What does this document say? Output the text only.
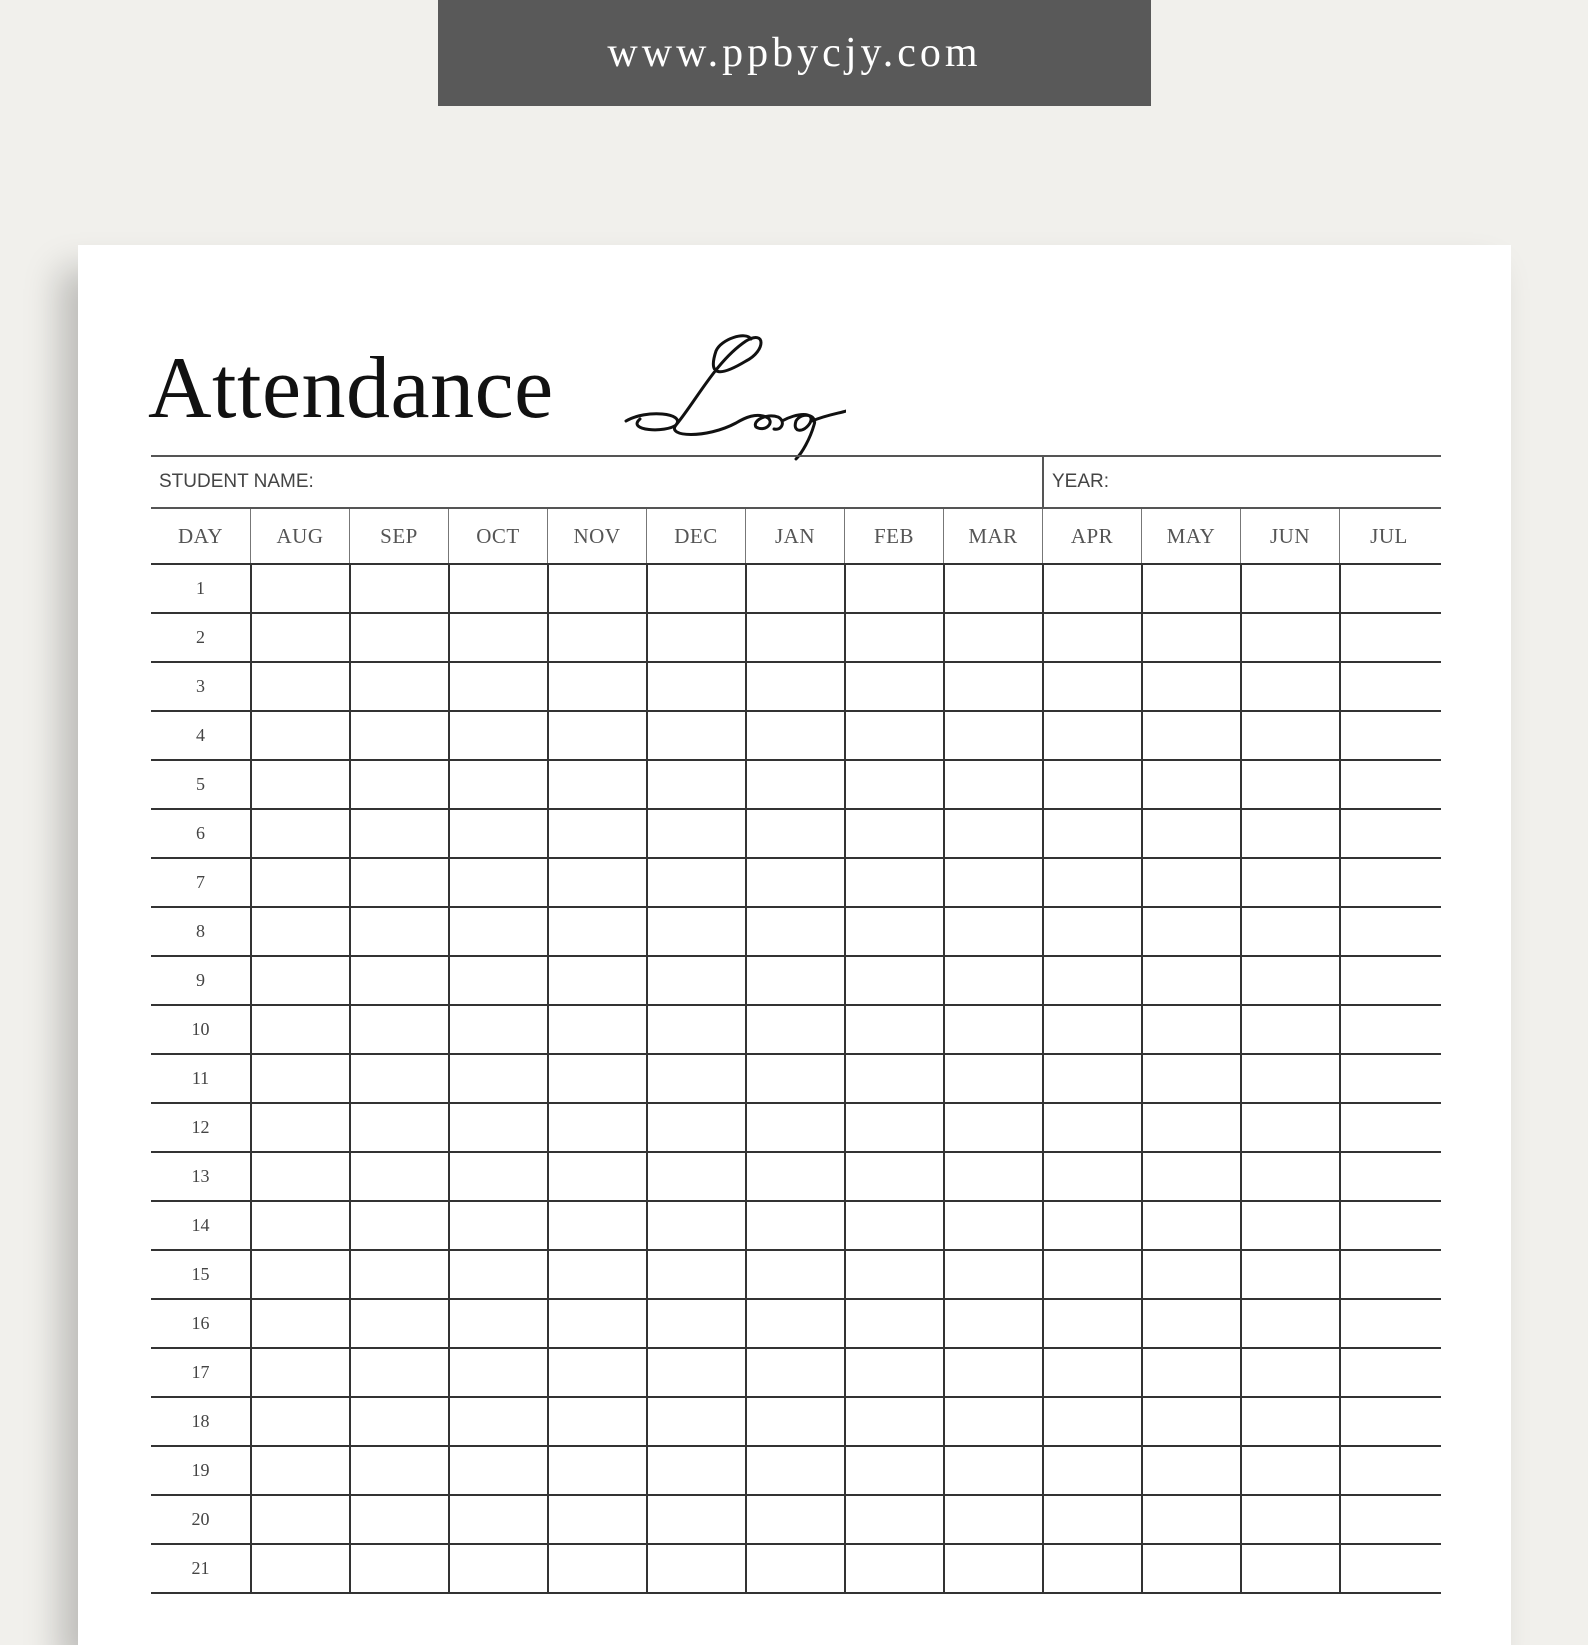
www.ppbycjy.com
Attendance
STUDENT NAME:	YEAR:
DAY	AUG	SEP	OCT	NOV	DEC	JAN	FEB	MAR	APR	MAY	JUN	JUL
1
2
3
4
5
6
7
8
9
10
11
12
13
14
15
16
17
18
19
20
21
